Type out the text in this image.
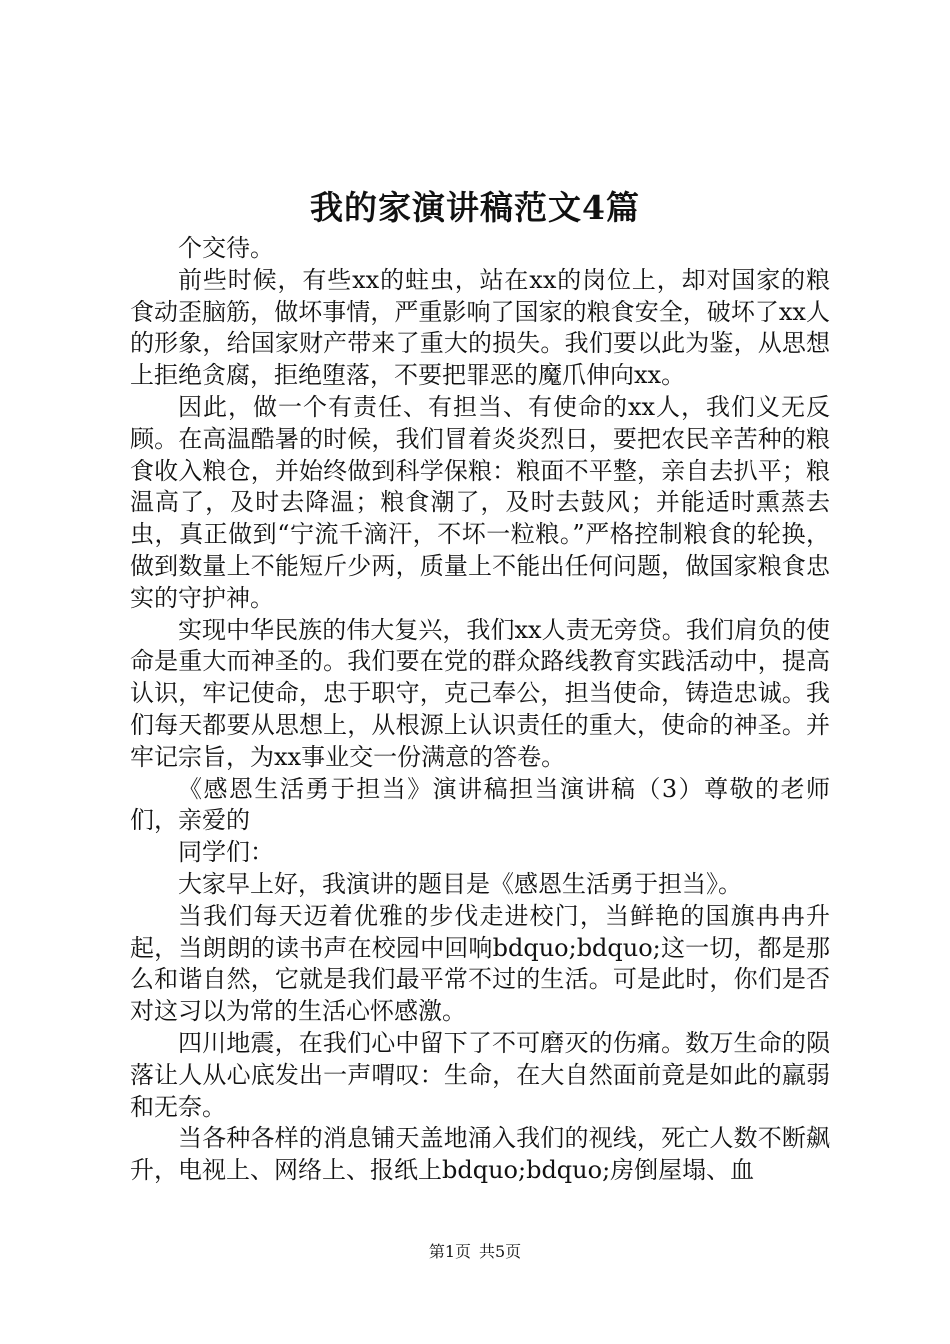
我的家演讲稿范文4篇

个交待。

前些时候，有些xx的蛀虫，站在xx的岗位上，却对国家的粮食动歪脑筋，做坏事情，严重影响了国家的粮食安全，破坏了xx人的形象，给国家财产带来了重大的损失。我们要以此为鉴，从思想上拒绝贪腐，拒绝堕落，不要把罪恶的魔爪伸向xx。

因此，做一个有责任、有担当、有使命的xx人，我们义无反顾。在高温酷暑的时候，我们冒着炎炎烈日，要把农民辛苦种的粮食收入粮仓，并始终做到科学保粮：粮面不平整，亲自去扒平；粮温高了，及时去降温；粮食潮了，及时去鼓风；并能适时熏蒸去虫，真正做到“宁流千滴汗，不坏一粒粮。”严格控制粮食的轮换，做到数量上不能短斤少两，质量上不能出任何问题，做国家粮食忠实的守护神。

实现中华民族的伟大复兴，我们xx人责无旁贷。我们肩负的使命是重大而神圣的。我们要在党的群众路线教育实践活动中，提高认识，牢记使命，忠于职守，克己奉公，担当使命，铸造忠诚。我们每天都要从思想上，从根源上认识责任的重大，使命的神圣。并牢记宗旨，为xx事业交一份满意的答卷。

《感恩生活勇于担当》演讲稿担当演讲稿（3）尊敬的老师们，亲爱的

同学们：

大家早上好，我演讲的题目是《感恩生活勇于担当》。

当我们每天迈着优雅的步伐走进校门，当鲜艳的国旗冉冉升起，当朗朗的读书声在校园中回响bdquo;bdquo;这一切，都是那么和谐自然，它就是我们最平常不过的生活。可是此时，你们是否对这习以为常的生活心怀感激。

四川地震，在我们心中留下了不可磨灭的伤痛。数万生命的陨落让人从心底发出一声喟叹：生命，在大自然面前竟是如此的羸弱和无奈。

当各种各样的消息铺天盖地涌入我们的视线，死亡人数不断飙升，电视上、网络上、报纸上bdquo;bdquo;房倒屋塌、血

第1页 共5页
